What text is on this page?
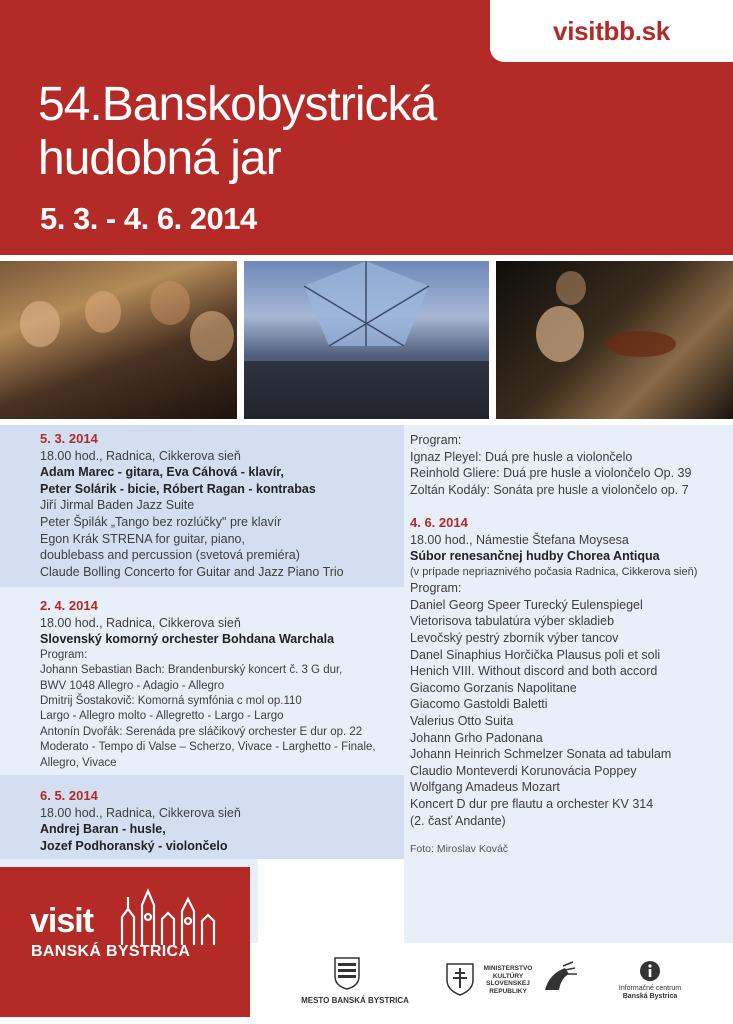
visitbb.sk
54.Banskobystrická
hudobná jar
5. 3. - 4. 6. 2014
5. 3. 2014
18.00 hod., Radnica, Cikkerova sieň
Adam Marec - gitara, Eva Cáhová - klavír,
Peter Solárik - bicie, Róbert Ragan - kontrabas
Jiří Jirmal Baden Jazz Suite
Peter Špilák „Tango bez rozlúčky" pre klavír
Egon Krák STRENA for guitar, piano,
doublebass and percussion (svetová premiéra)
Claude Bolling Concerto for Guitar and Jazz Piano Trio
2. 4. 2014
18.00 hod., Radnica, Cikkerova sieň
Slovenský komorný orchester Bohdana Warchala
Program:
Johann Sebastian Bach: Brandenburský koncert č. 3 G dur,
BWV 1048 Allegro - Adagio - Allegro
Dmitrij Šostakovič: Komorná symfónia c mol op.110
Largo - Allegro molto - Allegretto - Largo - Largo
Antonín Dvořák: Serenáda pre sláčikový orchester E dur op. 22
Moderato - Tempo di Valse – Scherzo, Vivace - Larghetto - Finale,
Allegro, Vivace
6. 5. 2014
18.00 hod., Radnica, Cikkerova sieň
Andrej Baran - husle,
Jozef Podhoranský - violončelo
Program:
Ignaz Pleyel: Duá pre husle a violončelo
Reinhold Gliere: Duá pre husle a violončelo Op. 39
Zoltán Kodály: Sonáta pre husle a violončelo op. 7
4. 6. 2014
18.00 hod., Námestie Štefana Moysesa
Súbor renesančnej hudby Chorea Antiqua
(v prípade nepriaznivého počasia Radnica, Cikkerova sieň)
Program:
Daniel Georg Speer Turecký Eulenspiegel
Vietorisova tabulatúra výber skladieb
Levočský pestrý zborník výber tancov
Danel Sinaphius Horčička Plausus poli et soli
Henich VIII. Without discord and both accord
Giacomo Gorzanis Napolitane
Giacomo Gastoldi Baletti
Valerius Otto Suita
Johann Grho Padonana
Johann Heinrich Schmelzer Sonata ad tabulam
Claudio Monteverdi Korunovácia Poppey
Wolfgang Amadeus Mozart
Koncert D dur pre flautu a orchester KV 314
(2. časť Andante)
Foto: Miroslav Kováč
visit
BANSKÁ BYSTRICA
MESTO BANSKÁ BYSTRICA
MINISTERSTVO
KULTÚRY
SLOVENSKEJ
REPUBLIKY	Informačné centrum
Banská Bystrica
